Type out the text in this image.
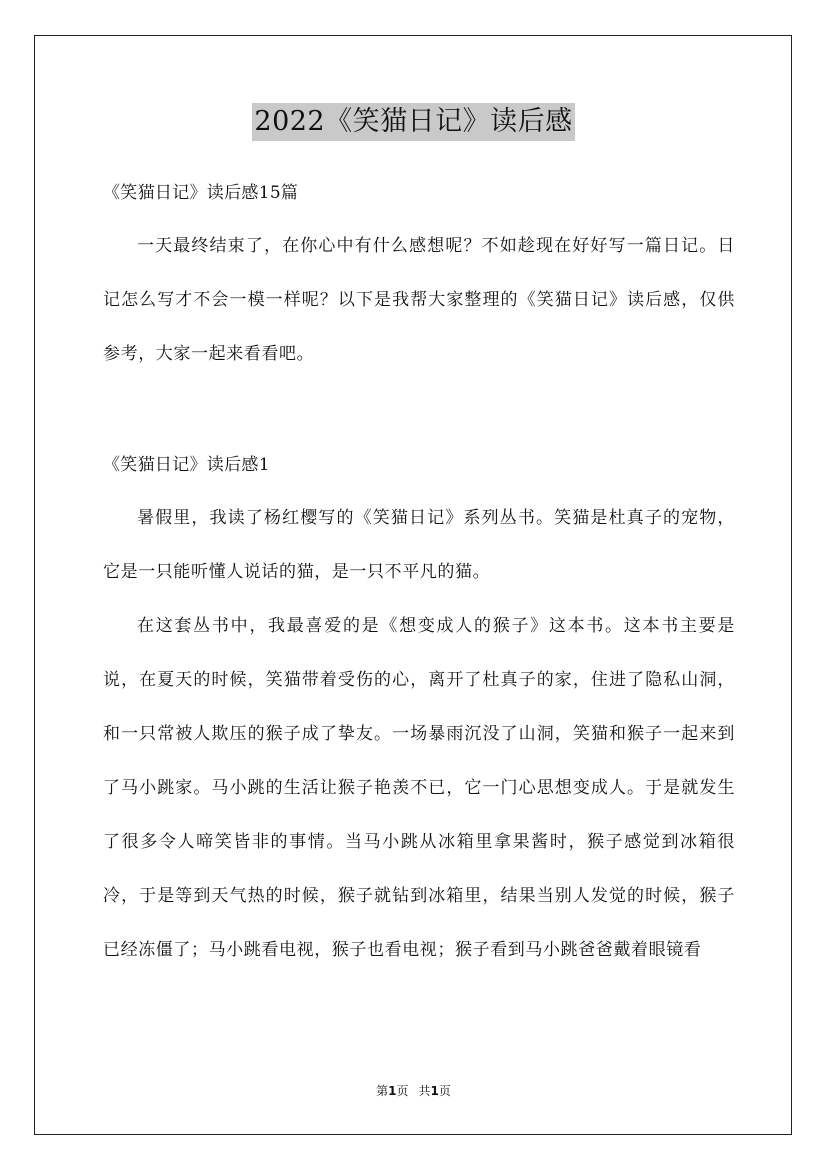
2022《笑猫日记》读后感
《笑猫日记》读后感15篇

一天最终结束了，在你心中有什么感想呢？不如趁现在好好写一篇日记。日记怎么写才不会一模一样呢？以下是我帮大家整理的《笑猫日记》读后感，仅供参考，大家一起来看看吧。

《笑猫日记》读后感1

暑假里，我读了杨红樱写的《笑猫日记》系列丛书。笑猫是杜真子的宠物，它是一只能听懂人说话的猫，是一只不平凡的猫。

在这套丛书中，我最喜爱的是《想变成人的猴子》这本书。这本书主要是说，在夏天的时候，笑猫带着受伤的心，离开了杜真子的家，住进了隐私山洞，和一只常被人欺压的猴子成了挚友。一场暴雨沉没了山洞，笑猫和猴子一起来到了马小跳家。马小跳的生活让猴子艳羡不已，它一门心思想变成人。于是就发生了很多令人啼笑皆非的事情。当马小跳从冰箱里拿果酱时，猴子感觉到冰箱很冷，于是等到天气热的时候，猴子就钻到冰箱里，结果当别人发觉的时候，猴子已经冻僵了；马小跳看电视，猴子也看电视；猴子看到马小跳爸爸戴着眼镜看

第1页 共1页
